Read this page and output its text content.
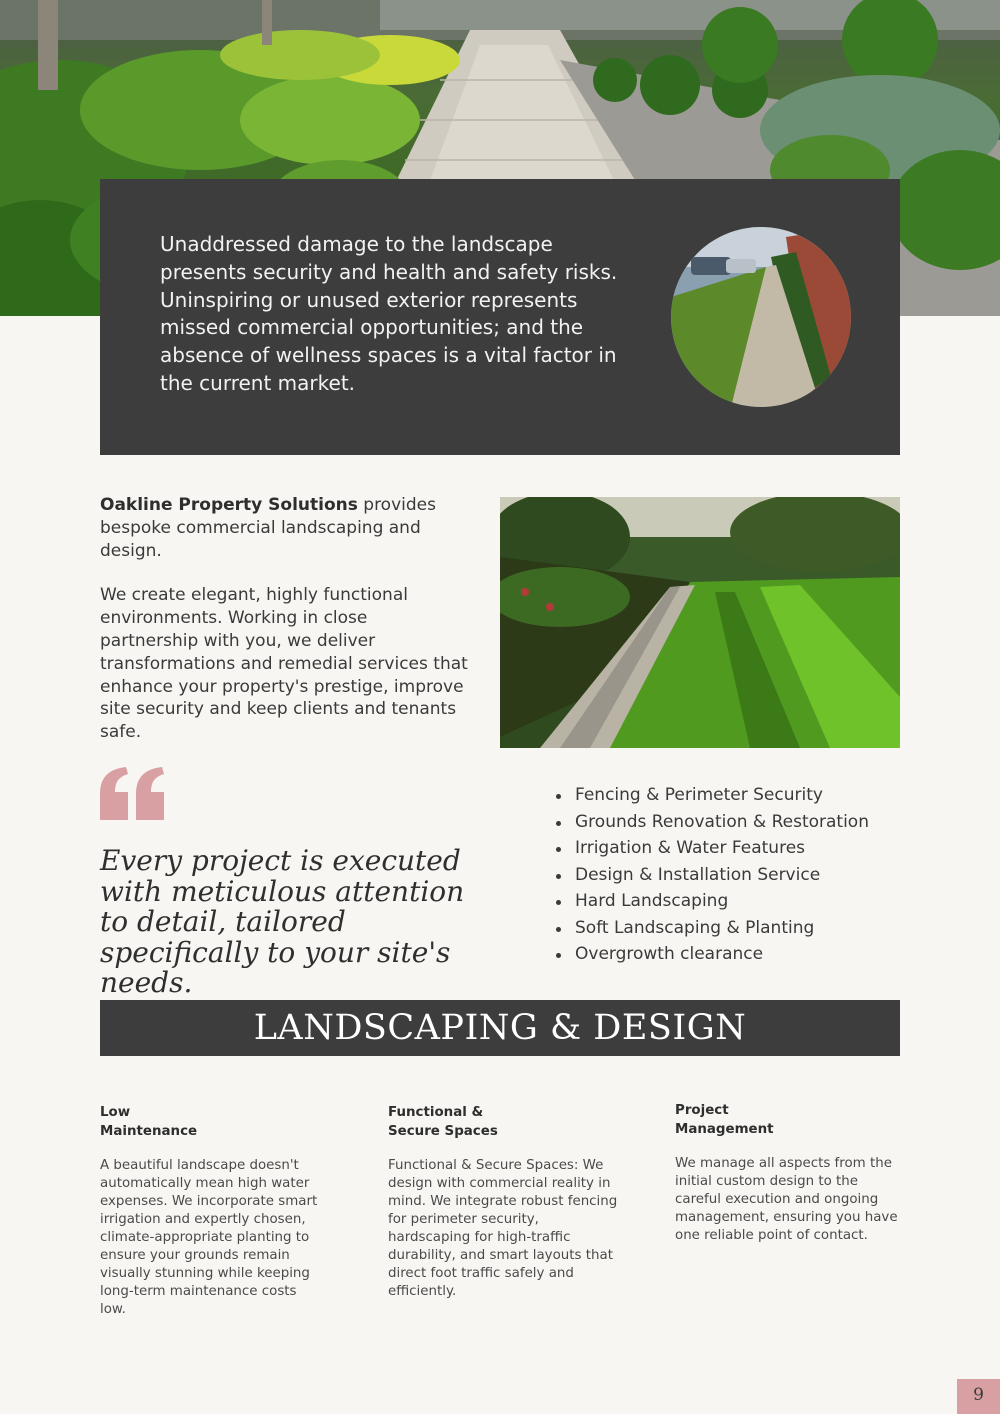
Unaddressed damage to the landscape presents security and health and safety risks. Uninspiring or unused exterior represents missed commercial opportunities; and the absence of wellness spaces is a vital factor in the current market.

Oakline Property Solutions provides bespoke commercial landscaping and design.

We create elegant, highly functional environments. Working in close partnership with you, we deliver transformations and remedial services that enhance your property's prestige, improve site security and keep clients and tenants safe.

Every project is executed with meticulous attention to detail, tailored specifically to your site's needs.

Fencing & Perimeter Security
Grounds Renovation & Restoration
Irrigation & Water Features
Design & Installation Service
Hard Landscaping
Soft Landscaping & Planting
Overgrowth clearance
LANDSCAPING & DESIGN
Low Maintenance

A beautiful landscape doesn't automatically mean high water expenses. We incorporate smart irrigation and expertly chosen, climate-appropriate planting to ensure your grounds remain visually stunning while keeping long-term maintenance costs low.

Functional & Secure Spaces

Functional & Secure Spaces: We design with commercial reality in mind. We integrate robust fencing for perimeter security, hardscaping for high-traffic durability, and smart layouts that direct foot traffic safely and efficiently.

Project Management

We manage all aspects from the initial custom design to the careful execution and ongoing management, ensuring you have one reliable point of contact.

9
